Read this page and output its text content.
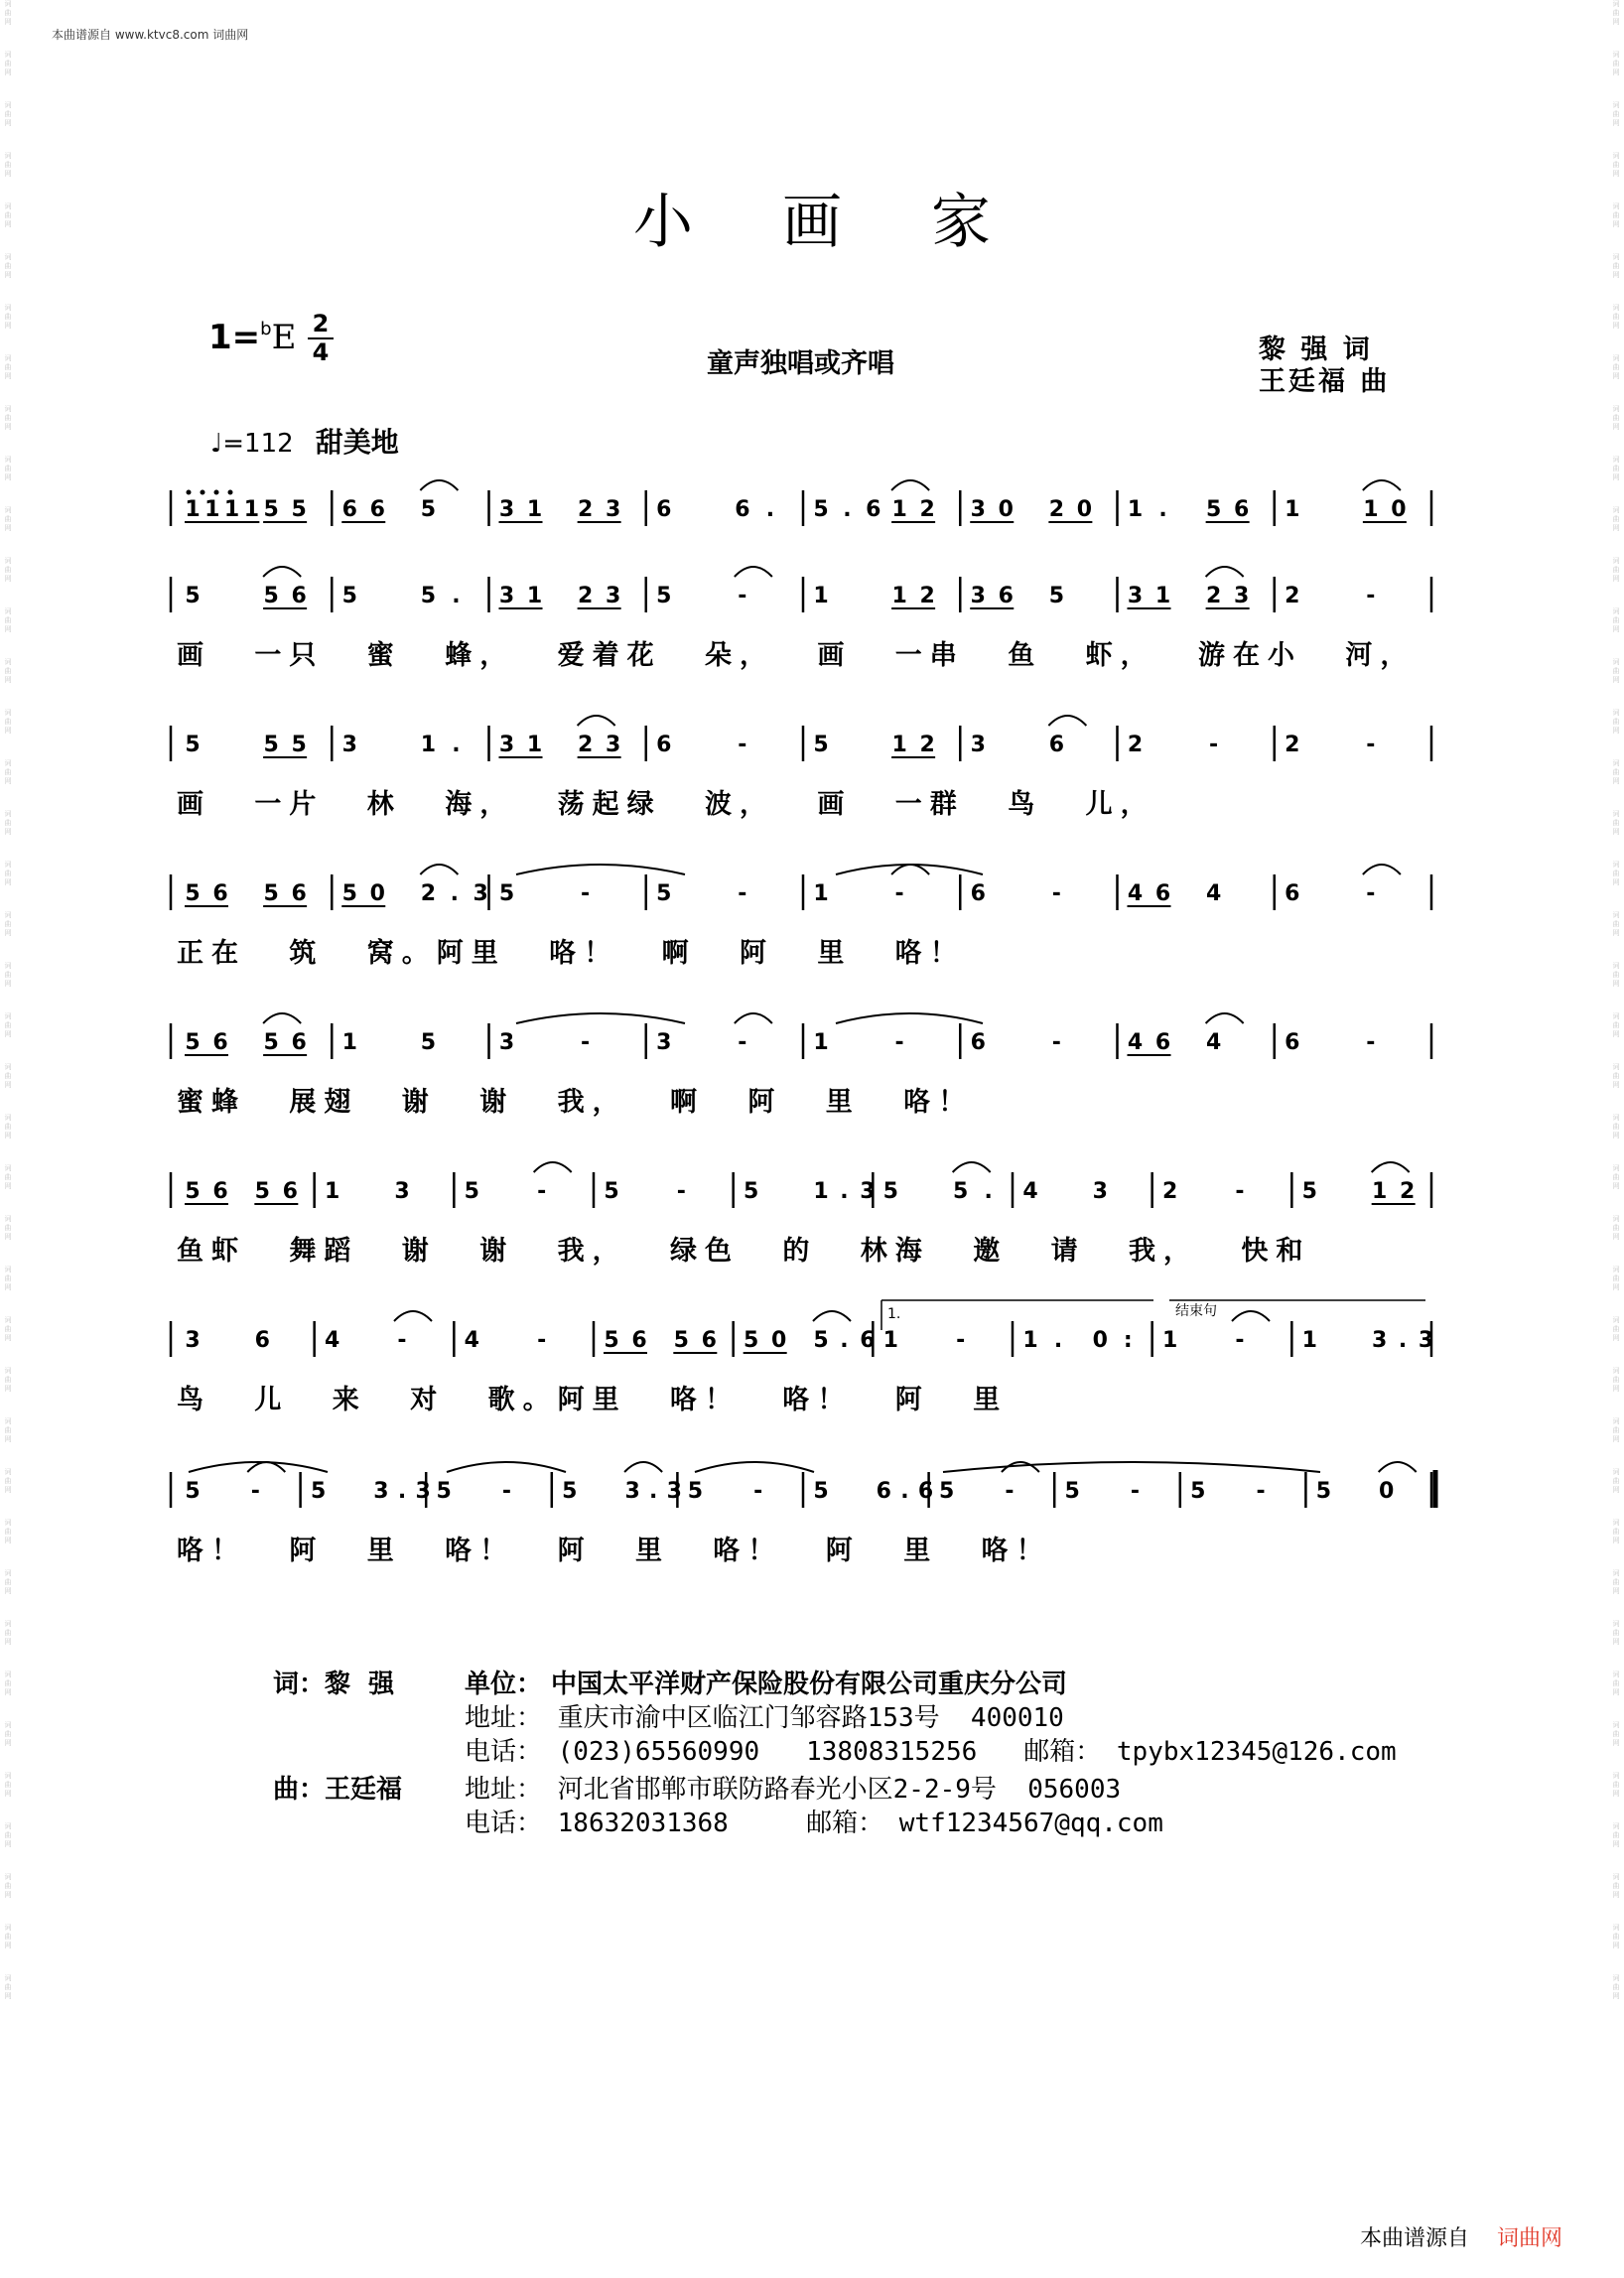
词
曲
网
词
曲
网
词
曲
网
词
曲
网
词
曲
网
词
曲
网
词
曲
网
词
曲
网
词
曲
网
词
曲
网
词
曲
网
词
曲
网
词
曲
网
词
曲
网
词
曲
网
词
曲
网
词
曲
网
词
曲
网
词
曲
网
词
曲
网
词
曲
网
词
曲
网
词
曲
网
词
曲
网
词
曲
网
词
曲
网
词
曲
网
词
曲
网
词
曲
网
词
曲
网
词
曲
网
词
曲
网
词
曲
网
词
曲
网
词
曲
网
词
曲
网
词
曲
网
词
曲
网
词
曲
网
词
曲
网
词
曲
网
词
曲
网
词
曲
网
词
曲
网
词
曲
网
词
曲
网
词
曲
网
词
曲
网
词
曲
网
词
曲
网
词
曲
网
词
曲
网
词
曲
网
词
曲
网
词
曲
网
词
曲
网
词
曲
网
词
曲
网
词
曲
网
词
曲
网
词
曲
网
词
曲
网
词
曲
网
词
曲
网
词
曲
网
词
曲
网
词
曲
网
词
曲
网
词
曲
网
词
曲
网
词
曲
网
词
曲
网
词
曲
网
词
曲
网
词
曲
网
词
曲
网
词
曲
网
词
曲
网
词
曲
网
词
曲
网
本曲谱源自 www.ktvc8.com 词曲网
小画家
1=$^b$E 2
4	童声独唱或齐唱	黎 强 词
王廷福 曲
♩=112 甜美地
1 1 1 1 5 5 6 6 5	3 1 2 3 6	6 . 5 . 6 1 2 3 0 2 0 1 . 5 6 1	1 0
5	5 6 5	5 . 3 1 2 3 5	-	1	1 2 3 6 5	3 1 2 3 2	-
5	5 5 3	1 . 3 1 2 3 6	-	5	1 2 3	6	2	-	2	-
5 6 5 6 5 0 2 . 3 5	-	5	-	1	-	6	-	4 6 4	6	-
5 6 5 6 1	5	3	-	3	-	1	-	6	-	4 6 4	6	-
5 6 5 6 1	3	5	-	5	-	5	1 . 3 5	5 . 4	3	2	-	5	1 2
3	6	4	-	4	-	5 6 5 6 5 0 5 . 6 1	-	1 . 0 : 1	-	1	3 . 3
5 - 5 3 . 3 5 - 5 3 . 3 5 - 5 6 . 6 5 - 5 - 5 - 5 0
1.	结束句
画 一只 蜜 蜂， 爱着花 朵， 画 一串 鱼 虾， 游在小 河，
画 一片 林 海， 荡起绿 波， 画 一群 鸟 儿，
正在 筑 窝。阿里 咯！ 啊 阿 里 咯！
蜜蜂 展翅 谢 谢 我， 啊 阿 里 咯！
鱼虾 舞蹈 谢 谢 我， 绿色 的 林海 邀 请 我， 快和
鸟 儿 来 对 歌。阿里 咯！ 咯！ 阿 里
咯！ 阿 里 咯！ 阿 里 咯！ 阿 里 咯！
词：黎  强	单位： 中国太平洋财产保险股份有限公司重庆分公司
地址： 重庆市渝中区临江门邹容路153号  400010
电话： (023)65560990   13808315256   邮箱： tpybx12345@126.com
曲：王廷福 地址： 河北省邯郸市联防路春光小区2-2-9号  056003
电话： 18632031368     邮箱： wtf1234567@qq.com
本曲谱源自 词曲网
